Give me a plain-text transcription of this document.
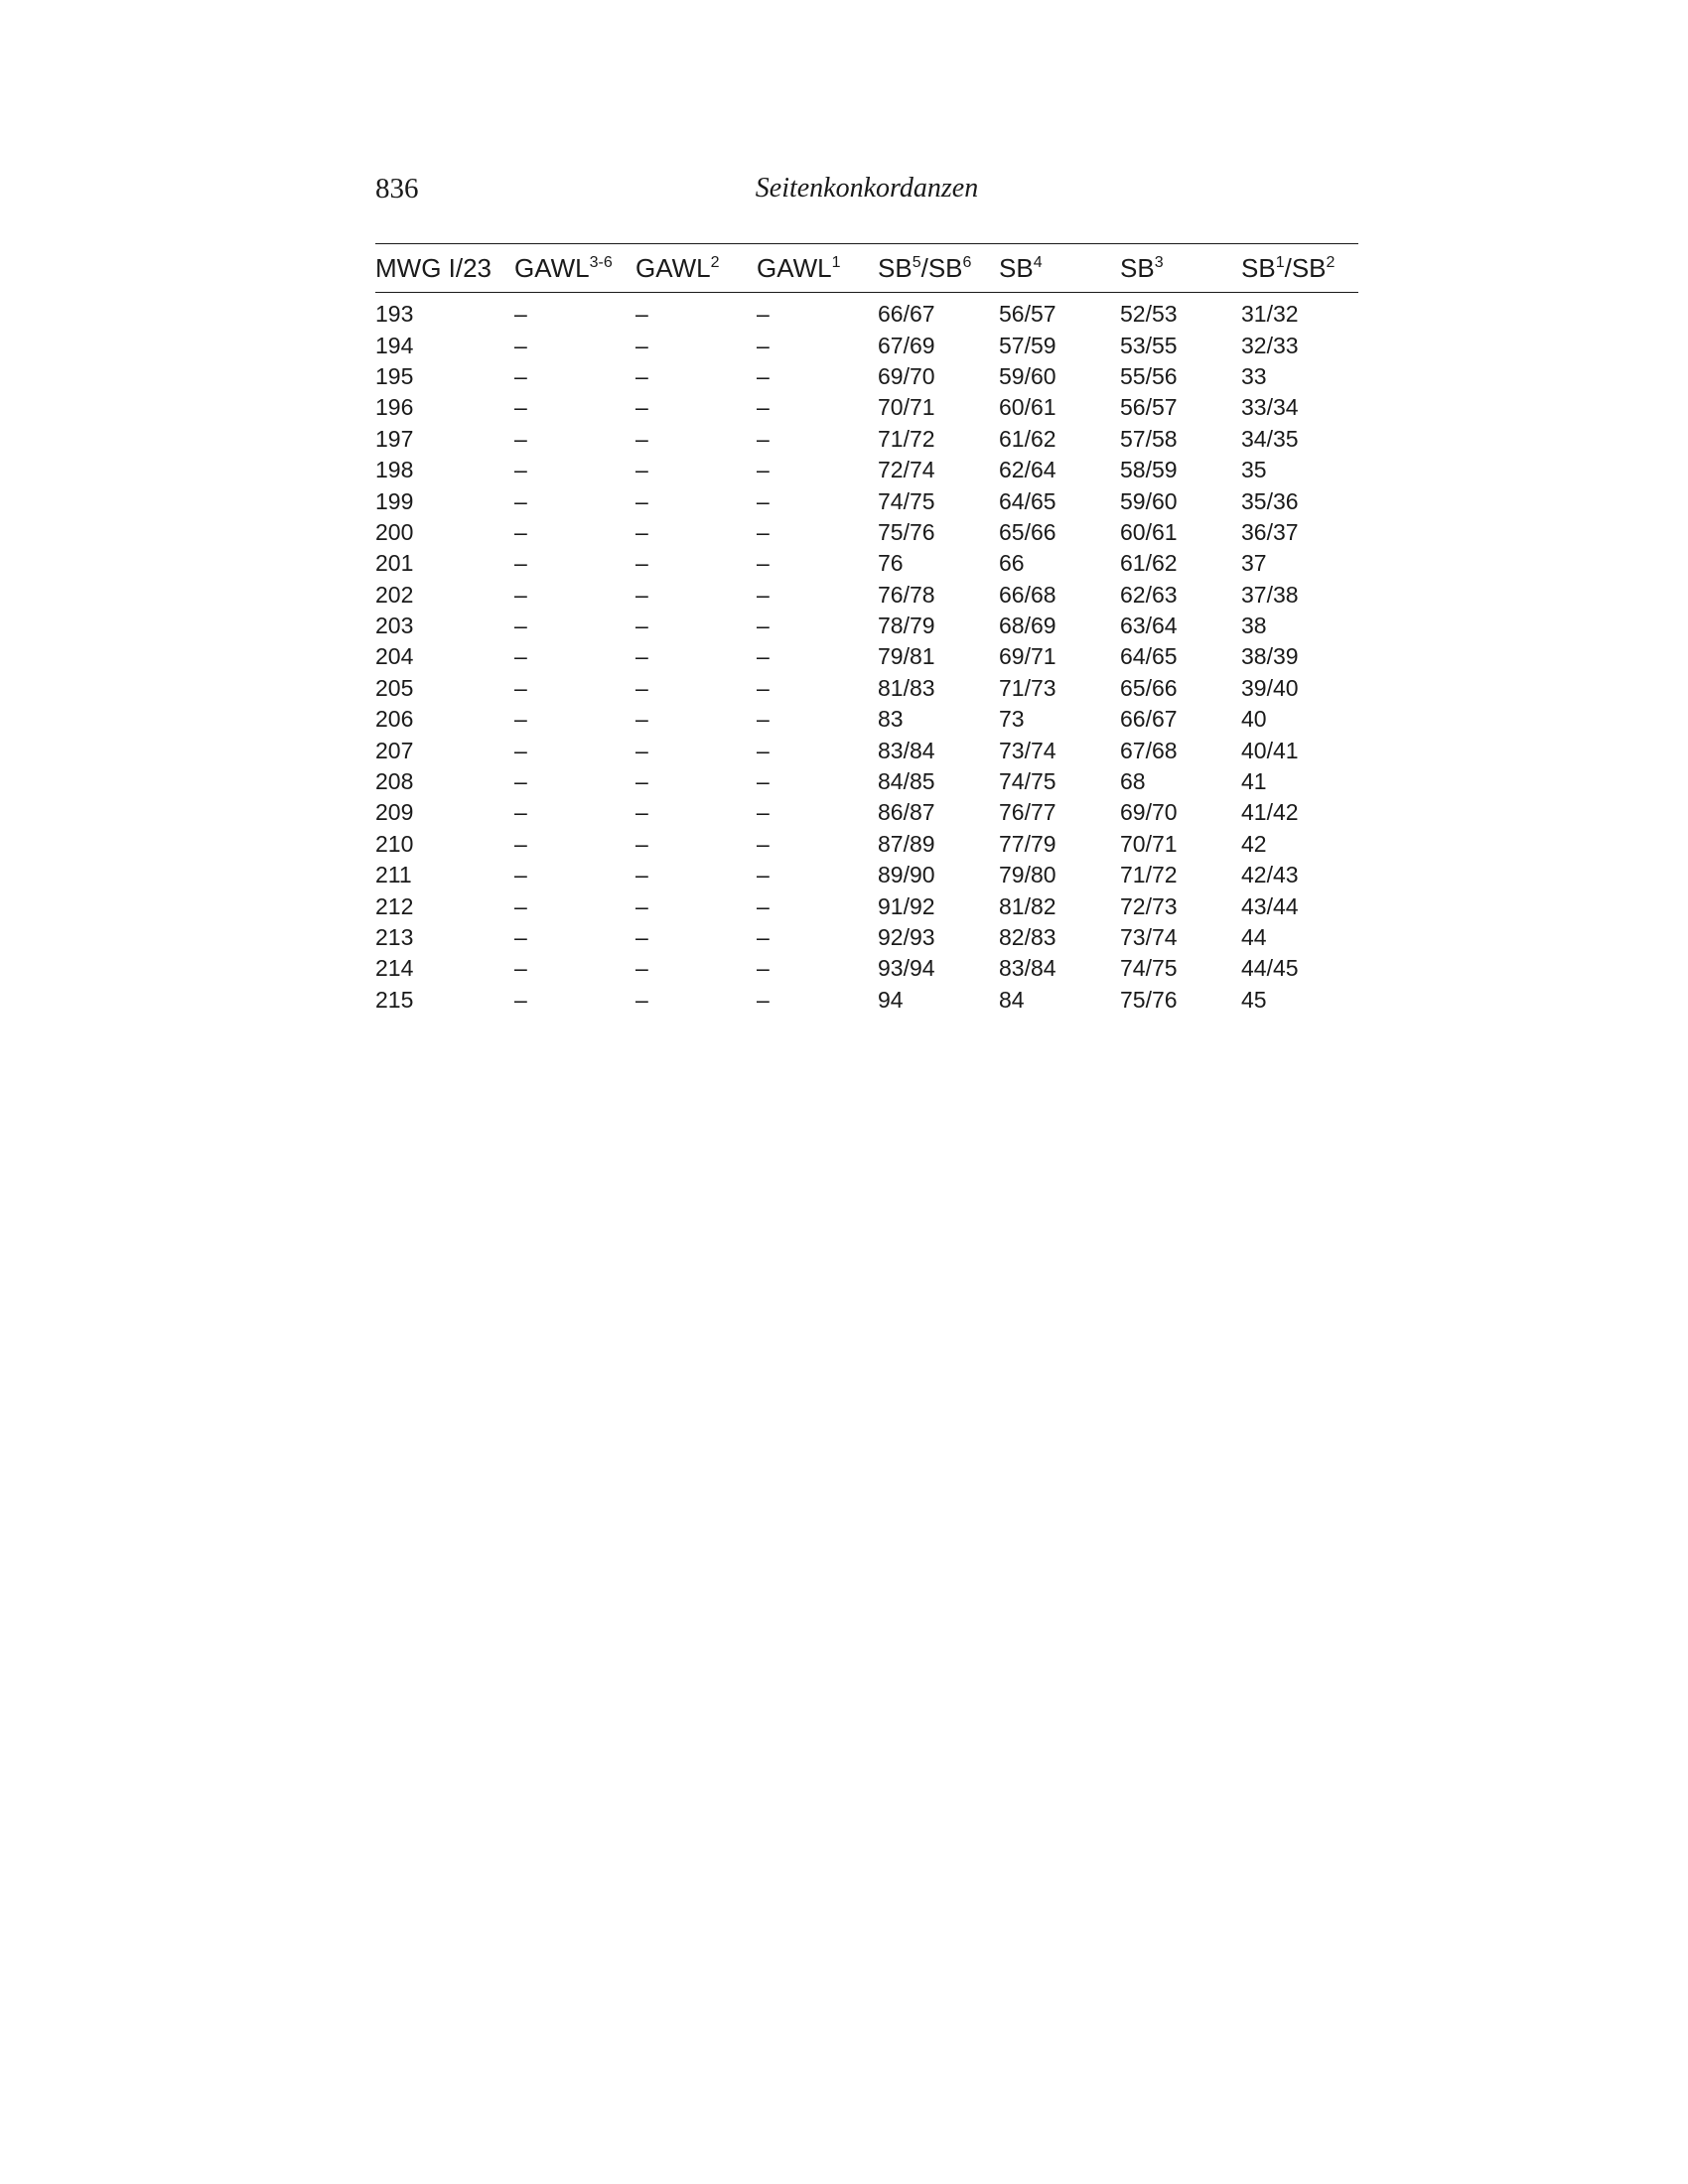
836	Seitenkonkordanzen
MWG I/23	GAWL$^{3-6}$	GAWL$^2$	GAWL$^1$	$SB^5/SB^6$	$SB^4$	$SB^3$	$SB^1/SB^2$
193	–	–	–	66/67	56/57	52/53	31/32
194	–	–	–	67/69	57/59	53/55	32/33
195	–	–	–	69/70	59/60	55/56	33
196	–	–	–	70/71	60/61	56/57	33/34
197	–	–	–	71/72	61/62	57/58	34/35
198	–	–	–	72/74	62/64	58/59	35
199	–	–	–	74/75	64/65	59/60	35/36
200	–	–	–	75/76	65/66	60/61	36/37
201	–	–	–	76	66	61/62	37
202	–	–	–	76/78	66/68	62/63	37/38
203	–	–	–	78/79	68/69	63/64	38
204	–	–	–	79/81	69/71	64/65	38/39
205	–	–	–	81/83	71/73	65/66	39/40
206	–	–	–	83	73	66/67	40
207	–	–	–	83/84	73/74	67/68	40/41
208	–	–	–	84/85	74/75	68	41
209	–	–	–	86/87	76/77	69/70	41/42
210	–	–	–	87/89	77/79	70/71	42
211	–	–	–	89/90	79/80	71/72	42/43
212	–	–	–	91/92	81/82	72/73	43/44
213	–	–	–	92/93	82/83	73/74	44
214	–	–	–	93/94	83/84	74/75	44/45
215	–	–	–	94	84	75/76	45
